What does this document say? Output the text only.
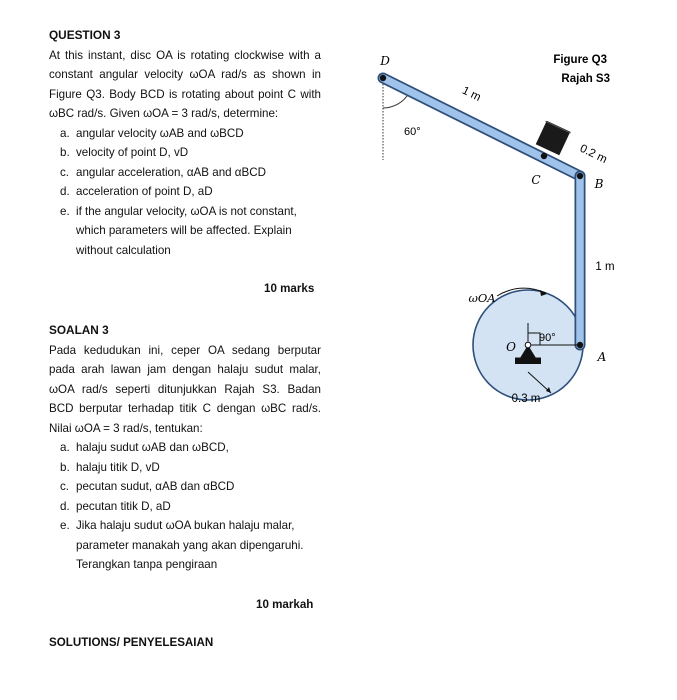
QUESTION 3
At this instant, disc OA is rotating clockwise with a constant angular velocity ωOA rad/s as shown in Figure Q3. Body BCD is rotating about point C with ωBC rad/s. Given ωOA = 3 rad/s, determine:
a. angular velocity ωAB and ωBCD
b. velocity of point D, vD
c. angular acceleration, αAB and αBCD
d. acceleration of point D, aD
e. if the angular velocity, ωOA is not constant, which parameters will be affected. Explain without calculation
10 marks
SOALAN 3
Pada kedudukan ini, ceper OA sedang berputar pada arah lawan jam dengan halaju sudut malar, ωOA rad/s seperti ditunjukkan Rajah S3. Badan BCD berputar terhadap titik C dengan ωBC rad/s. Nilai ωOA = 3 rad/s, tentukan:
a. halaju sudut ωAB dan ωBCD,
b. halaju titik D, vD
c. pecutan sudut, αAB dan αBCD
d. pecutan titik D, aD
e. Jika halaju sudut ωOA bukan halaju malar, parameter manakah yang akan dipengaruhi. Terangkan tanpa pengiraan
10 markah
SOLUTIONS/ PENYELESAIAN
Figure Q3
Rajah S3
60°
90°
D
C	B
A
O
1 m
0.2 m
1 m
0.3 m
ωOA
